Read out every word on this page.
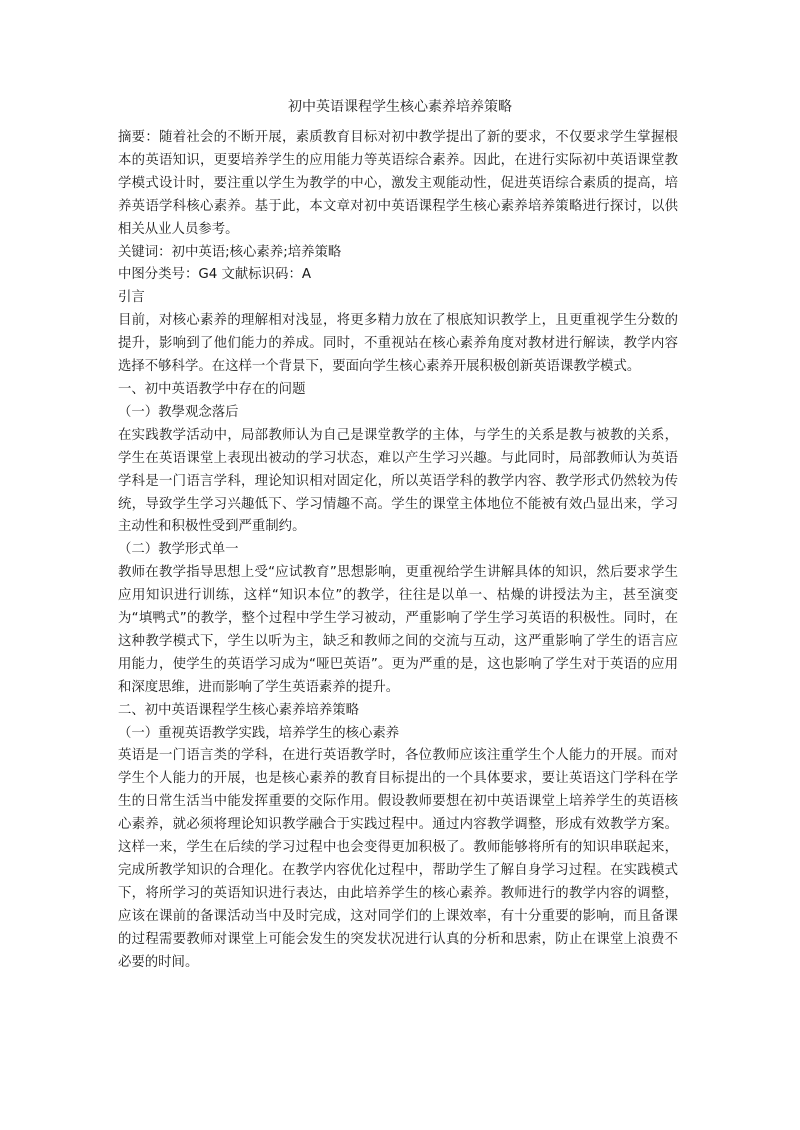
初中英语课程学生核心素养培养策略

摘要：随着社会的不断开展，素质教育目标对初中教学提出了新的要求，不仅要求学生掌握根本的英语知识，更要培养学生的应用能力等英语综合素养。因此，在进行实际初中英语课堂教学模式设计时，要注重以学生为教学的中心，激发主观能动性，促进英语综合素质的提高，培养英语学科核心素养。基于此，本文章对初中英语课程学生核心素养培养策略进行探讨，以供相关从业人员参考。

关键词：初中英语;核心素养;培养策略

中图分类号：G4 文献标识码：A

引言

目前，对核心素养的理解相对浅显，将更多精力放在了根底知识教学上，且更重视学生分数的提升，影响到了他们能力的养成。同时，不重视站在核心素养角度对教材进行解读，教学内容选择不够科学。在这样一个背景下，要面向学生核心素养开展积极创新英语课教学模式。

一、初中英语教学中存在的问题

（一）教學观念落后

在实践教学活动中，局部教师认为自己是课堂教学的主体，与学生的关系是教与被教的关系，学生在英语课堂上表现出被动的学习状态，难以产生学习兴趣。与此同时，局部教师认为英语学科是一门语言学科，理论知识相对固定化，所以英语学科的教学内容、教学形式仍然较为传统，导致学生学习兴趣低下、学习情趣不高。学生的课堂主体地位不能被有效凸显出来，学习主动性和积极性受到严重制约。

（二）教学形式单一

教师在教学指导思想上受“应试教育”思想影响，更重视给学生讲解具体的知识，然后要求学生应用知识进行训练，这样“知识本位”的教学，往往是以单一、枯燥的讲授法为主，甚至演变为“填鸭式”的教学，整个过程中学生学习被动，严重影响了学生学习英语的积极性。同时，在这种教学模式下，学生以听为主，缺乏和教师之间的交流与互动，这严重影响了学生的语言应用能力，使学生的英语学习成为“哑巴英语”。更为严重的是，这也影响了学生对于英语的应用和深度思维，进而影响了学生英语素养的提升。

二、初中英语课程学生核心素养培养策略

（一）重视英语教学实践，培养学生的核心素养

英语是一门语言类的学科，在进行英语教学时，各位教师应该注重学生个人能力的开展。而对学生个人能力的开展，也是核心素养的教育目标提出的一个具体要求，要让英语这门学科在学生的日常生活当中能发挥重要的交际作用。假设教师要想在初中英语课堂上培养学生的英语核心素养，就必须将理论知识教学融合于实践过程中。通过内容教学调整，形成有效教学方案。这样一来，学生在后续的学习过程中也会变得更加积极了。教师能够将所有的知识串联起来，完成所教学知识的合理化。在教学内容优化过程中，帮助学生了解自身学习过程。在实践模式下，将所学习的英语知识进行表达，由此培养学生的核心素养。教师进行的教学内容的调整，应该在课前的备课活动当中及时完成，这对同学们的上课效率，有十分重要的影响，而且备课的过程需要教师对课堂上可能会发生的突发状况进行认真的分析和思索，防止在课堂上浪费不必要的时间。
